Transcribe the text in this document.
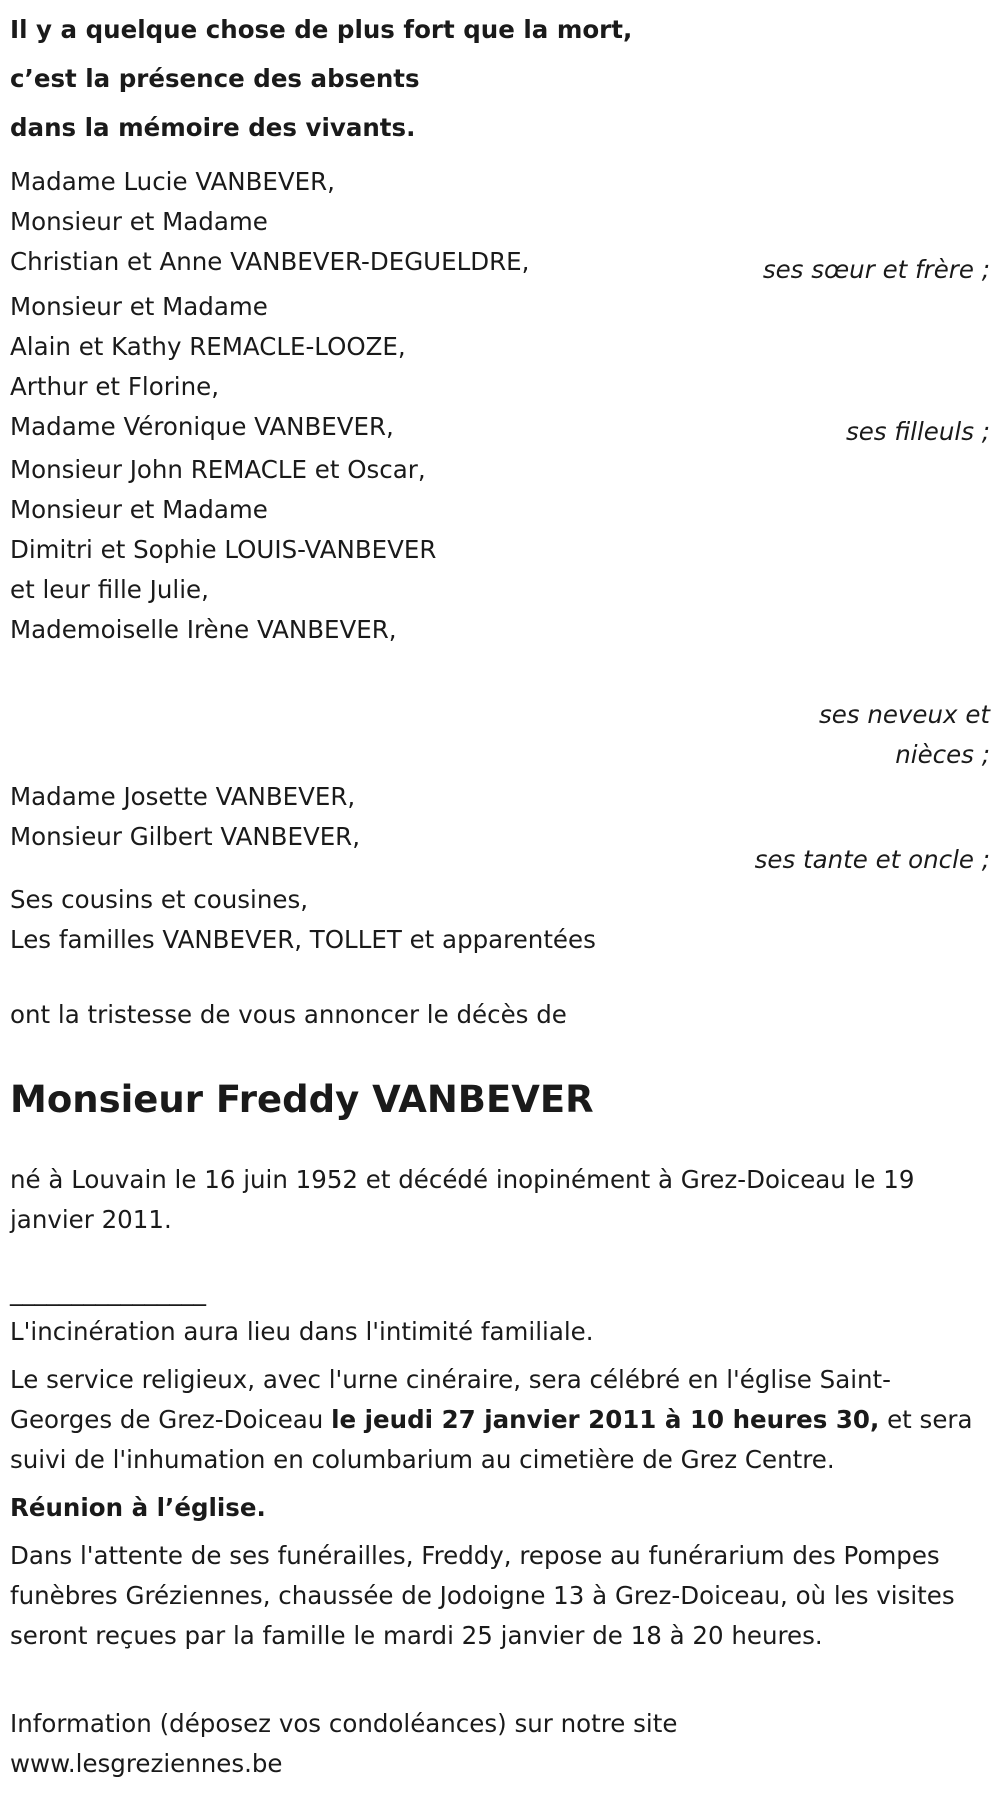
Il y a quelque chose de plus fort que la mort,
c’est la présence des absents
dans la mémoire des vivants.
Madame Lucie VANBEVER,
Monsieur et Madame
Christian et Anne VANBEVER-DEGUELDRE,	ses sœur et frère ;
Monsieur et Madame
Alain et Kathy REMACLE-LOOZE,
Arthur et Florine,
Madame Véronique VANBEVER,	ses filleuls ;
Monsieur John REMACLE et Oscar,
Monsieur et Madame
Dimitri et Sophie LOUIS-VANBEVER
et leur fille Julie,
Mademoiselle Irène VANBEVER,
ses neveux et
nièces ;
Madame Josette VANBEVER,
Monsieur Gilbert VANBEVER,
ses tante et oncle ;
Ses cousins et cousines,
Les familles VANBEVER, TOLLET et apparentées
ont la tristesse de vous annoncer le décès de
Monsieur Freddy VANBEVER
né à Louvain le 16 juin 1952 et décédé inopinément à Grez-Doiceau le 19 janvier 2011.
________________
L'incinération aura lieu dans l'intimité familiale.
Le service religieux, avec l'urne cinéraire, sera célébré en l'église Saint-Georges de Grez-Doiceau le jeudi 27 janvier 2011 à 10 heures 30, et sera suivi de l'inhumation en columbarium au cimetière de Grez Centre.
Réunion à l’église.
Dans l'attente de ses funérailles, Freddy, repose au funérarium des Pompes funèbres Gréziennes, chaussée de Jodoigne 13 à Grez-Doiceau, où les visites seront reçues par la famille le mardi 25 janvier de 18 à 20 heures.
Information (déposez vos condoléances) sur notre site www.lesgreziennes.be
